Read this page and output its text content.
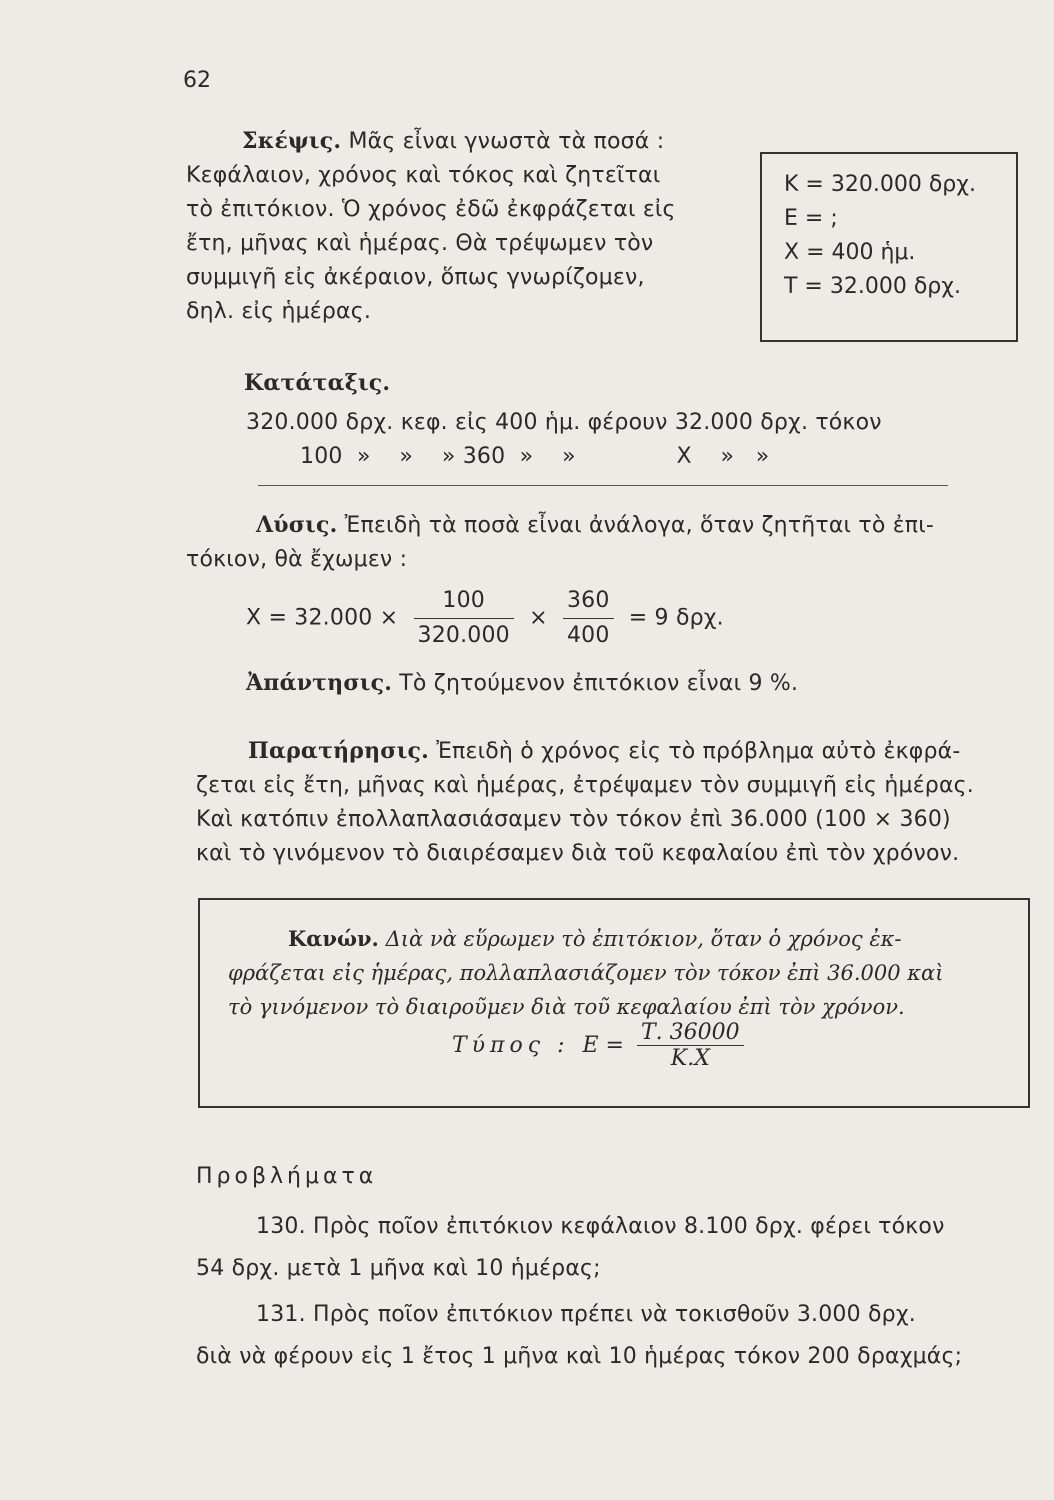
62
Σκέψις. Μᾶς εἶναι γνωστὰ τὰ ποσά :
Κεφάλαιον, χρόνος καὶ τόκος καὶ ζητεῖται
τὸ ἐπιτόκιον. Ὁ χρόνος ἐδῶ ἐκφράζεται εἰς
ἔτη, μῆνας καὶ ἡμέρας. Θὰ τρέψωμεν τὸν
συμμιγῆ εἰς ἀκέραιον, ὅπως γνωρίζομεν,
δηλ. εἰς ἡμέρας.
Κ = 320.000 δρχ.
Ε = ;
Χ = 400 ἡμ.
Τ = 32.000 δρχ.
Κατάταξις.
320.000 δρχ. κεφ. εἰς 400 ἡμ. φέρουν 32.000 δρχ. τόκον
100  »    »    » 360  »    »              Χ    »   »
Λύσις. Ἐπειδὴ τὰ ποσὰ εἶναι ἀνάλογα, ὅταν ζητῆται τὸ ἐπι-
τόκιον, θὰ ἔχωμεν :
$X = 32.000 \times \frac{100}{320.000} \times \frac{360}{400} = 9$ δρχ.
Ἀπάντησις. Τὸ ζητούμενον ἐπιτόκιον εἶναι 9 %.
Παρατήρησις. Ἐπειδὴ ὁ χρόνος εἰς τὸ πρόβλημα αὐτὸ ἐκφρά-
ζεται εἰς ἔτη, μῆνας καὶ ἡμέρας, ἐτρέψαμεν τὸν συμμιγῆ εἰς ἡμέρας.
Καὶ κατόπιν ἐπολλαπλασιάσαμεν τὸν τόκον ἐπὶ 36.000 (100 × 360)
καὶ τὸ γινόμενον τὸ διαιρέσαμεν διὰ τοῦ κεφαλαίου ἐπὶ τὸν χρόνον.
Κανών. Διὰ νὰ εὕρωμεν τὸ ἐπιτόκιον, ὅταν ὁ χρόνος ἐκ-
φράζεται εἰς ἡμέρας, πολλαπλασιάζομεν τὸν τόκον ἐπὶ 36.000 καὶ
τὸ γινόμενον τὸ διαιροῦμεν διὰ τοῦ κεφαλαίου ἐπὶ τὸν χρόνον.
Τύπος : $E = \frac{T. 36000}{K.X}$
Προβλήματα
130. Πρὸς ποῖον ἐπιτόκιον κεφάλαιον 8.100 δρχ. φέρει τόκον
54 δρχ. μετὰ 1 μῆνα καὶ 10 ἡμέρας;
131. Πρὸς ποῖον ἐπιτόκιον πρέπει νὰ τοκισθοῦν 3.000 δρχ.
διὰ νὰ φέρουν εἰς 1 ἔτος 1 μῆνα καὶ 10 ἡμέρας τόκον 200 δραχμάς;
